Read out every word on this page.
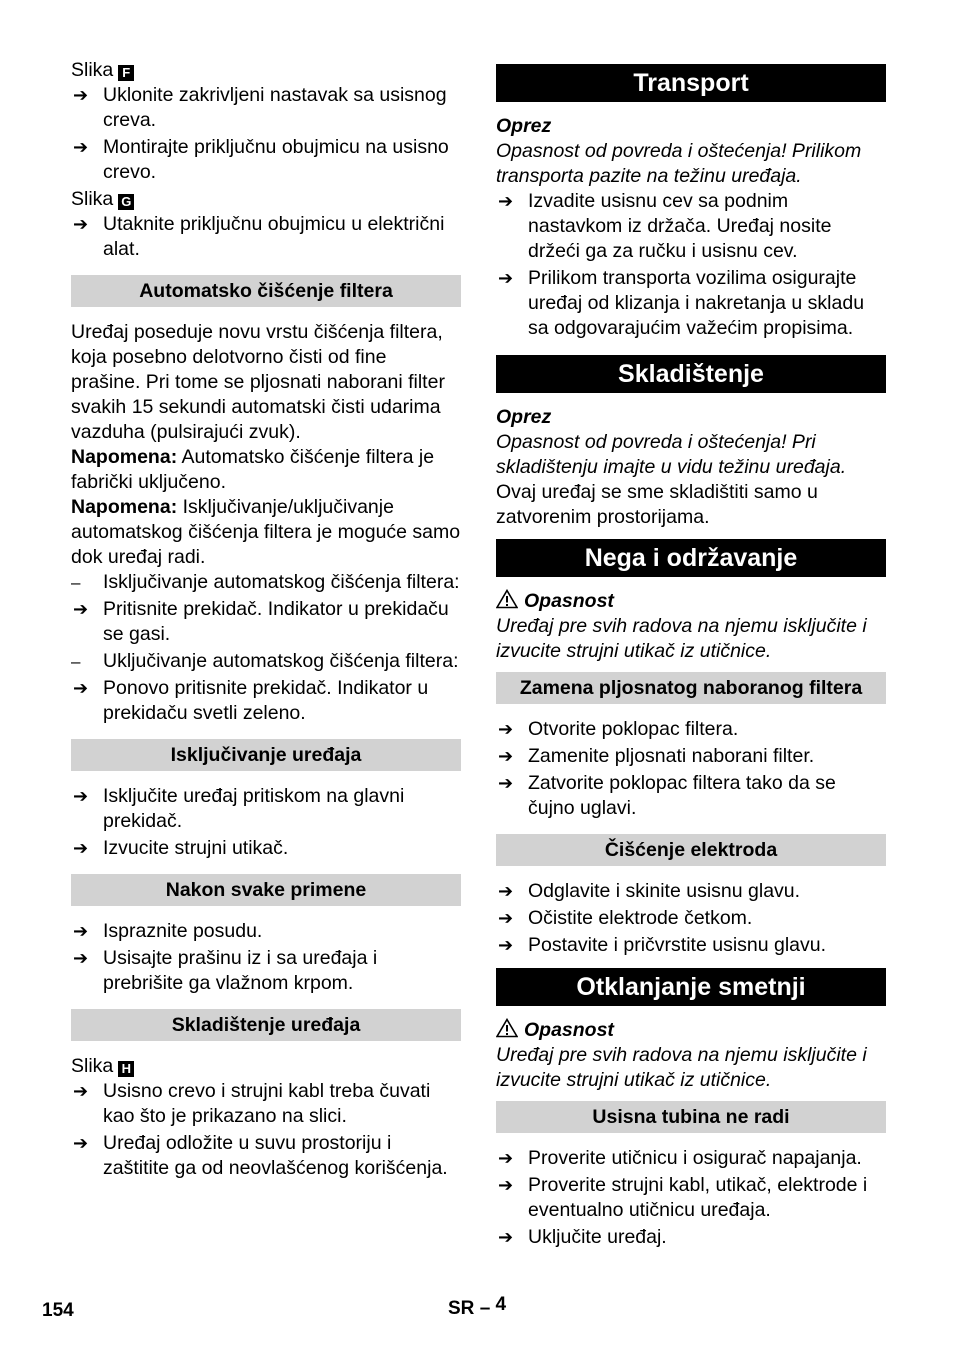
Slika F

➔ Uklonite zakrivljeni nastavak sa usisnog creva.
➔ Montirajte priključnu obujmicu na usisno crevo.

Slika G

➔ Utaknite priključnu obujmicu u električni alat.
Automatsko čišćenje filtera

Uređaj poseduje novu vrstu čišćenja filtera, koja posebno delotvorno čisti od fine prašine. Pri tome se pljosnati naborani filter svakih 15 sekundi automatski čisti udarima vazduha (pulsirajući zvuk).

Napomena: Automatsko čišćenje filtera je fabrički uključeno.

Napomena: Isključivanje/uključivanje automatskog čišćenja filtera je moguće samo dok uređaj radi.

–	Isključivanje automatskog čišćenja filtera:
➔ Pritisnite prekidač. Indikator u prekidaču se gasi.
–	Uključivanje automatskog čišćenja filtera:
➔ Ponovo pritisnite prekidač. Indikator u prekidaču svetli zeleno.
Isključivanje uređaja
➔ Isključite uređaj pritiskom na glavni prekidač.
➔ Izvucite strujni utikač.
Nakon svake primene
➔ Ispraznite posudu.
➔ Usisajte prašinu iz i sa uređaja i prebrišite ga vlažnom krpom.
Skladištenje uređaja

Slika H

➔ Usisno crevo i strujni kabl treba čuvati kao što je prikazano na slici.
➔ Uređaj odložite u suvu prostoriju i zaštitite ga od neovlašćenog korišćenja.
Transport

Oprez

Opasnost od povreda i oštećenja! Prilikom transporta pazite na težinu uređaja.

➔ Izvadite usisnu cev sa podnim nastavkom iz držača. Uređaj nosite držeći ga za ručku i usisnu cev.
➔ Prilikom transporta vozilima osigurajte uređaj od klizanja i nakretanja u skladu sa odgovarajućim važećim propisima.
Skladištenje

Oprez

Opasnost od povreda i oštećenja! Pri skladištenju imajte u vidu težinu uređaja.

Ovaj uređaj se sme skladištiti samo u zatvorenim prostorijama.

Nega i održavanje

Opasnost

Uređaj pre svih radova na njemu isključite i izvucite strujni utikač iz utičnice.

Zamena pljosnatog naboranog filtera
➔ Otvorite poklopac filtera.
➔ Zamenite pljosnati naborani filter.
➔ Zatvorite poklopac filtera tako da se čujno uglavi.
Čišćenje elektroda
➔ Odglavite i skinite usisnu glavu.
➔ Očistite elektrode četkom.
➔ Postavite i pričvrstite usisnu glavu.
Otklanjanje smetnji

Opasnost

Uređaj pre svih radova na njemu isključite i izvucite strujni utikač iz utičnice.

Usisna tubina ne radi
➔ Proverite utičnicu i osigurač napajanja.
➔ Proverite strujni kabl, utikač, elektrode i eventualno utičnicu uređaja.
➔ Uključite uređaj.
154	SR – 4
